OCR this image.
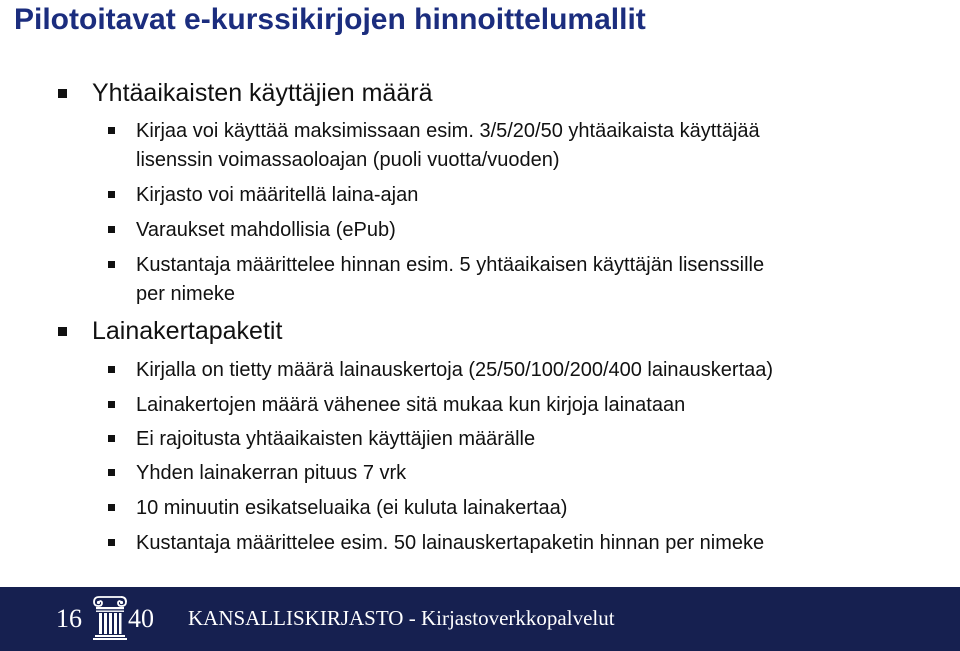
Pilotoitavat e-kurssikirjojen hinnoittelumallit
Yhtäaikaisten käyttäjien määrä
Kirjaa voi käyttää maksimissaan esim. 3/5/20/50 yhtäaikaista käyttäjää
lisenssin voimassaoloajan (puoli vuotta/vuoden)
Kirjasto voi määritellä laina-ajan
Varaukset mahdollisia (ePub)
Kustantaja määrittelee hinnan esim. 5 yhtäaikaisen käyttäjän lisenssille
per nimeke
Lainakertapaketit
Kirjalla on tietty määrä lainauskertoja (25/50/100/200/400 lainauskertaa)
Lainakertojen määrä vähenee sitä mukaa kun kirjoja lainataan
Ei rajoitusta yhtäaikaisten käyttäjien määrälle
Yhden lainakerran pituus 7 vrk
10 minuutin esikatseluaika (ei kuluta lainakertaa)
Kustantaja määrittelee esim. 50 lainauskertapaketin hinnan per nimeke
16 40 KANSALLISKIRJASTO - Kirjastoverkkopalvelut
